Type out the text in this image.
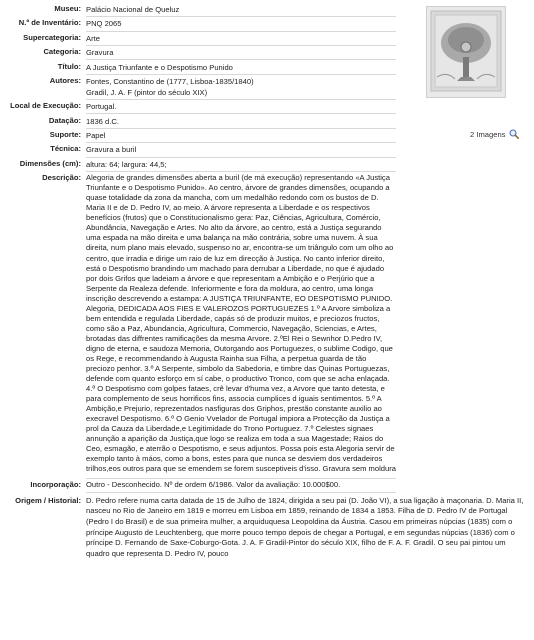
Museu: Palácio Nacional de Queluz
N.º de Inventário: PNQ 2065
Supercategoria: Arte
Categoria: Gravura
Título: A Justiça Triunfante e o Despotismo Punido
Autores: Fontes, Constantino de (1777, Lisboa-1835/1840)
Gradil, J. A. F (pintor do século XIX)
Local de Execução: Portugal.
Datação: 1836 d.C.
Suporte: Papel
Técnica: Gravura a buril
Dimensões (cm): altura: 64; largura: 44,5;
Descrição: Alegoria de grandes dimensões aberta a buril (de má execução) representando «A Justiça Triunfante e o Despotismo Punido». Ao centro, árvore de grandes dimensões, ocupando a quase totalidade da zona da mancha, com um medalhão redondo com os bustos de D. Maria II e de D. Pedro IV, ao meio. A árvore representa a Liberdade e os respectivos benefícios (frutos) que o Constitucionalismo gera: Paz, Ciências, Agricultura, Comércio, Abundância, Navegação e Artes. No alto da árvore, ao centro, está a Justiça segurando uma espada na mão direita e uma balança na mão contrária, sobre uma nuvem. À sua direita, num plano mais elevado, suspenso no ar, encontra-se um triângulo com um olho ao centro, que irradia e dirige um raio de luz em direcção à Justiça. No canto inferior direito, está o Despotismo brandindo um machado para derrubar a Liberdade, no que é ajudado por dois Grifos que ladeiam a árvore e que representam a Ambição e o Perjúrio que a Serpente da Realeza defende. Inferiormente e fora da moldura, ao centro, uma longa inscrição descrevendo a estampa: A JUSTIÇA TRIUNFANTE, EO DESPOTISMO PUNIDO. Alegoria, DEDICADA AOS FIES E VALEROZOS PORTUGUEZES 1.º A Arvore simboliza a bem entendida e regulada Liberdade, capás só de produzir muitos, e preciozos fructos, como são a Paz, Abundancia, Agricultura, Commercio, Navegação, Sciencias, e Artes, brotadas das diffrentes ramificações da mesma Arvore. 2.ºEl Rei o Sewnhor D.Pedro IV, digno de eterna, e saudoza Memoria, Outorgando aos Portuguezes, o sublime Codigo, que os Rege, e recommendando à Augusta Rainha sua Filha, a perpetua guarda de tão preciozo penhor. 3.º A Serpente, simbolo da Sabedoria, e timbre das Quinas Portuguezas, defende com quanto esforço em sí cabe, o productivo Tronco, com que se acha enlaçada. 4.º O Despotismo com golpes fataes, crê levar d'huma vez, a Arvore que tanto detesta, e para complemento de seus horrificos fins, associa cumplices d iguais sentimentos. 5.º A Ambição,e Prejurio, reprezentados nasfiguras dos Griphos, prestão constante auxilio ao execravel Despotismo. 6.º O Genio Vvelador de Portugal impiora a Protecção da Justiça a prol da Cauza da Liberdade,e Legitimidade do Trono Portuguez. 7.º Celestes signaes annunção a aparição da Justiça,que logo se realiza em toda a sua Magestade; Raios do Ceo, esmagão, e aterrão o Despotismo, e seus adjuntos. Possa pois esta Alegoria servir de exemplo tanto à máos, como a bons, estes para que nunca se desviem dos verdadeiros trilhos,eos outros para que se emendem se forem susceptiveis d'isso. Gravura sem moldura
Incorporação: Outro - Desconhecido. Nº de ordem 6/1986. Valor da avaliação: 10.000$00.
Origem / Historial: D. Pedro refere numa carta datada de 15 de Julho de 1824, dirigida a seu pai (D. João VI), a sua ligação à maçonaria. D. Maria II, nasceu no Rio de Janeiro em 1819 e morreu em Lisboa em 1859, reinando de 1834 a 1853. Filha de D. Pedro IV de Portugal (Pedro I do Brasil) e de sua primeira mulher, a arquiduquesa Leopoldina da Áustria. Casou em primeiras núpcias (1835) com o príncipe Augusto de Leuchtenberg, que morre pouco tempo depois de chegar a Portugal, e em segundas núpcias (1836) com o príncipe D. Fernando de Saxe-Coburgo-Gota. J. A. F Gradil-Pintor do século XIX, filho de F. A. F. Gradil. O seu pai pintou um quadro que representa D. Pedro IV, pouco
2 Imagens
